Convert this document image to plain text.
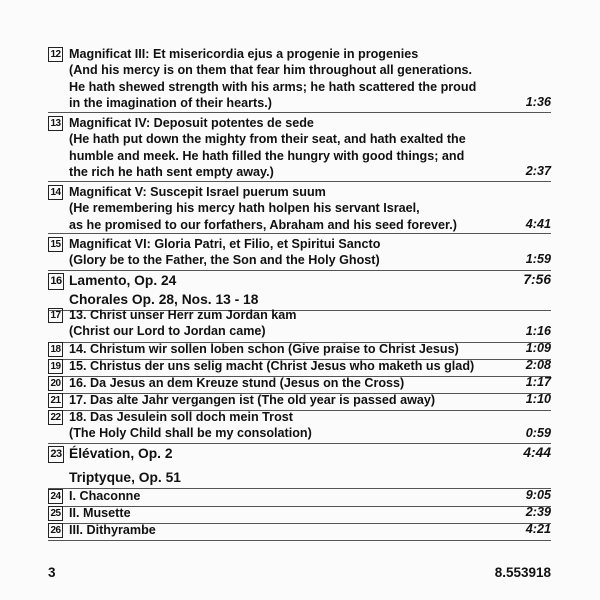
12 Magnificat III: Et misericordia ejus a progenie in progenies
(And his mercy is on them that fear him throughout all generations.
He hath shewed strength with his arms; he hath scattered the proud
in the imagination of their hearts.)	1:36
13 Magnificat IV: Deposuit potentes de sede
(He hath put down the mighty from their seat, and hath exalted the
humble and meek. He hath filled the hungry with good things; and
the rich he hath sent empty away.)	2:37
14 Magnificat V: Suscepit Israel puerum suum
(He remembering his mercy hath holpen his servant Israel,
as he promised to our forfathers, Abraham and his seed forever.)	4:41
15 Magnificat VI: Gloria Patri, et Filio, et Spiritui Sancto
(Glory be to the Father, the Son and the Holy Ghost)	1:59
16 Lamento, Op. 24	7:56
Chorales Op. 28, Nos. 13 - 18
17 13. Christ unser Herr zum Jordan kam
(Christ our Lord to Jordan came)	1:16
18 14. Christum wir sollen loben schon (Give praise to Christ Jesus)	1:09
19 15. Christus der uns selig macht (Christ Jesus who maketh us glad)	2:08
20 16. Da Jesus an dem Kreuze stund (Jesus on the Cross)	1:17
21 17. Das alte Jahr vergangen ist (The old year is passed away)	1:10
22 18. Das Jesulein soll doch mein Trost
(The Holy Child shall be my consolation)	0:59
23 Élévation, Op. 2	4:44
Triptyque, Op. 51
24 I. Chaconne	9:05
25 II. Musette	2:39
26 III. Dithyrambe	4:21
3	8.553918
